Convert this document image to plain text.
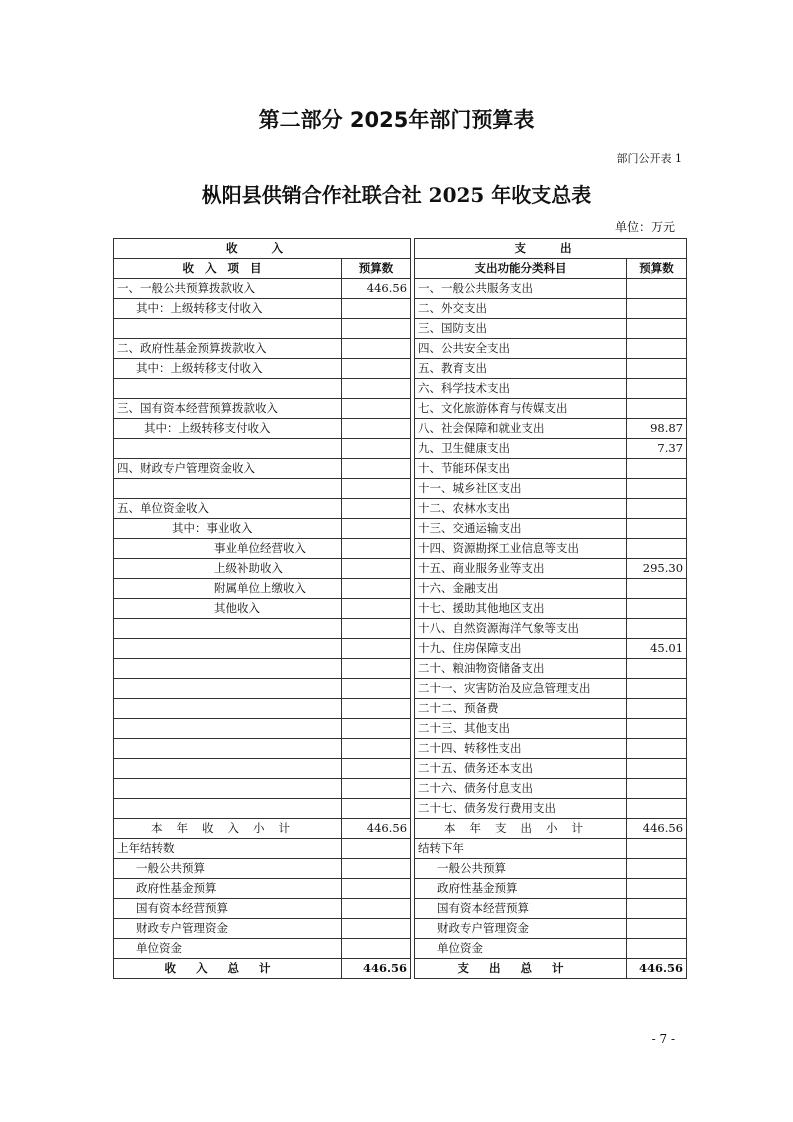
第二部分 2025年部门预算表
部门公开表 1
枞阳县供销合作社联合社 2025 年收支总表
单位：万元
收 入			支 出	
收入项目	预算数		支出功能分类科目	预算数
一、一般公共预算拨款收入	446.56		一、一般公共服务支出	
其中：上级转移支付收入			二、外交支出	
			三、国防支出	
二、政府性基金预算拨款收入			四、公共安全支出	
其中：上级转移支付收入			五、教育支出	
			六、科学技术支出	
三、国有资本经营预算拨款收入			七、文化旅游体育与传媒支出	
其中：上级转移支付收入			八、社会保障和就业支出	98.87
			九、卫生健康支出	7.37
四、财政专户管理资金收入			十、节能环保支出	
			十一、城乡社区支出	
五、单位资金收入			十二、农林水支出	
其中：事业收入			十三、交通运输支出	
事业单位经营收入			十四、资源勘探工业信息等支出	
上级补助收入			十五、商业服务业等支出	295.30
附属单位上缴收入			十六、金融支出	
其他收入			十七、援助其他地区支出	
			十八、自然资源海洋气象等支出	
			十九、住房保障支出	45.01
			二十、粮油物资储备支出	
			二十一、灾害防治及应急管理支出	
			二十二、预备费	
			二十三、其他支出	
			二十四、转移性支出	
			二十五、债务还本支出	
			二十六、债务付息支出	
			二十七、债务发行费用支出	
本年收入小计	446.56		本年支出小计	446.56
上年结转数			结转下年	
一般公共预算			一般公共预算	
政府性基金预算			政府性基金预算	
国有资本经营预算			国有资本经营预算	
财政专户管理资金			财政专户管理资金	
单位资金			单位资金	
收入总计	446.56		支出总计	446.56
- 7 -
